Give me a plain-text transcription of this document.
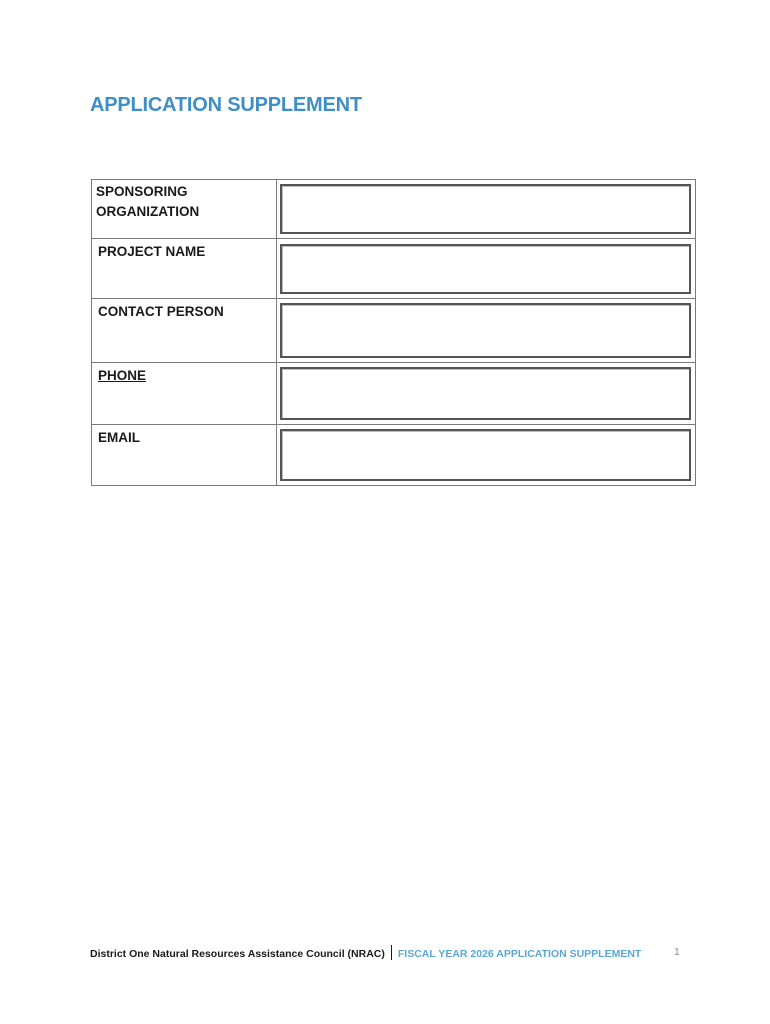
APPLICATION SUPPLEMENT
SPONSORING
ORGANIZATION

PROJECT NAME

CONTACT PERSON

PHONE

EMAIL

District One Natural Resources Assistance Council (NRAC) FISCAL YEAR 2026 APPLICATION SUPPLEMENT	1
